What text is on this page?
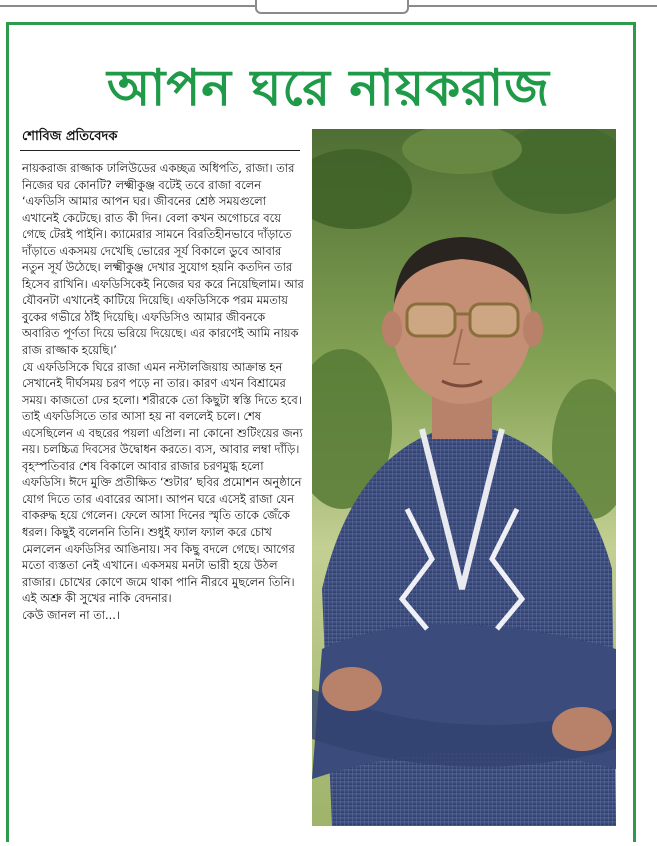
আপন ঘরে নায়করাজ
শোবিজ প্রতিবেদক

নায়করাজ রাজ্জাক ঢালিউডের একচ্ছত্র অধিপতি, রাজা। তার নিজের ঘর কোনটি? লক্ষ্মীকুঞ্জ বটেই তবে রাজা বলেন ‘এফডিসি আমার আপন ঘর। জীবনের শ্রেষ্ঠ সময়গুলো এখানেই কেটেছে। রাত কী দিন। বেলা কখন অগোচরে বয়ে গেছে টেরই পাইনি। ক্যামেরার সামনে বিরতিহীনভাবে দাঁড়াতে দাঁড়াতে একসময় দেখেছি ভোরের সূর্য বিকালে ডুবে আবার নতুন সূর্য উঠেছে। লক্ষ্মীকুঞ্জ দেখার সুযোগ হয়নি কতদিন তার হিসেব রাখিনি। এফডিসিকেই নিজের ঘর করে নিয়েছিলাম। আর যৌবনটা এখানেই কাটিয়ে দিয়েছি। এফডিসিকে পরম মমতায় বুকের গভীরে ঠাঁই দিয়েছি। এফডিসিও আমার জীবনকে অবারিত পূর্ণতা দিয়ে ভরিয়ে দিয়েছে। এর কারণেই আমি নায়ক রাজ রাজ্জাক হয়েছি।’

যে এফডিসিকে ঘিরে রাজা এমন নস্টালজিয়ায় আক্রান্ত হন সেখানেই দীর্ঘসময় চরণ পড়ে না তার। কারণ এখন বিশ্রামের সময়। কাজতো ঢের হলো। শরীরকে তো কিছুটা স্বস্তি দিতে হবে। তাই এফডিসিতে তার আসা হয় না বললেই চলে। শেষ এসেছিলেন এ বছরের পয়লা এপ্রিল। না কোনো শুটিংয়ের জন্য নয়। চলচ্চিত্র দিবসের উদ্বোধন করতে। ব্যস, আবার লম্বা দাঁড়ি। বৃহস্পতিবার শেষ বিকালে আবার রাজার চরণমুগ্ধ হলো এফডিসি। ঈদে মুক্তি প্রতীক্ষিত ‘শুটার’ ছবির প্রমোশন অনুষ্ঠানে যোগ দিতে তার এবারের আসা। আপন ঘরে এসেই রাজা যেন বাকরুদ্ধ হয়ে গেলেন। ফেলে আসা দিনের স্মৃতি তাকে জেঁকে ধরল। কিছুই বলেননি তিনি। শুধুই ফ্যাল ফ্যাল করে চোখ মেললেন এফডিসির আঙিনায়। সব কিছু বদলে গেছে। আগের মতো ব্যস্ততা নেই এখানে। একসময় মনটা ভারী হয়ে উঠল রাজার। চোখের কোণে জমে থাকা পানি নীরবে মুছলেন তিনি। এই অশ্রু কী সুখের নাকি বেদনার।

কেউ জানল না তা...।
